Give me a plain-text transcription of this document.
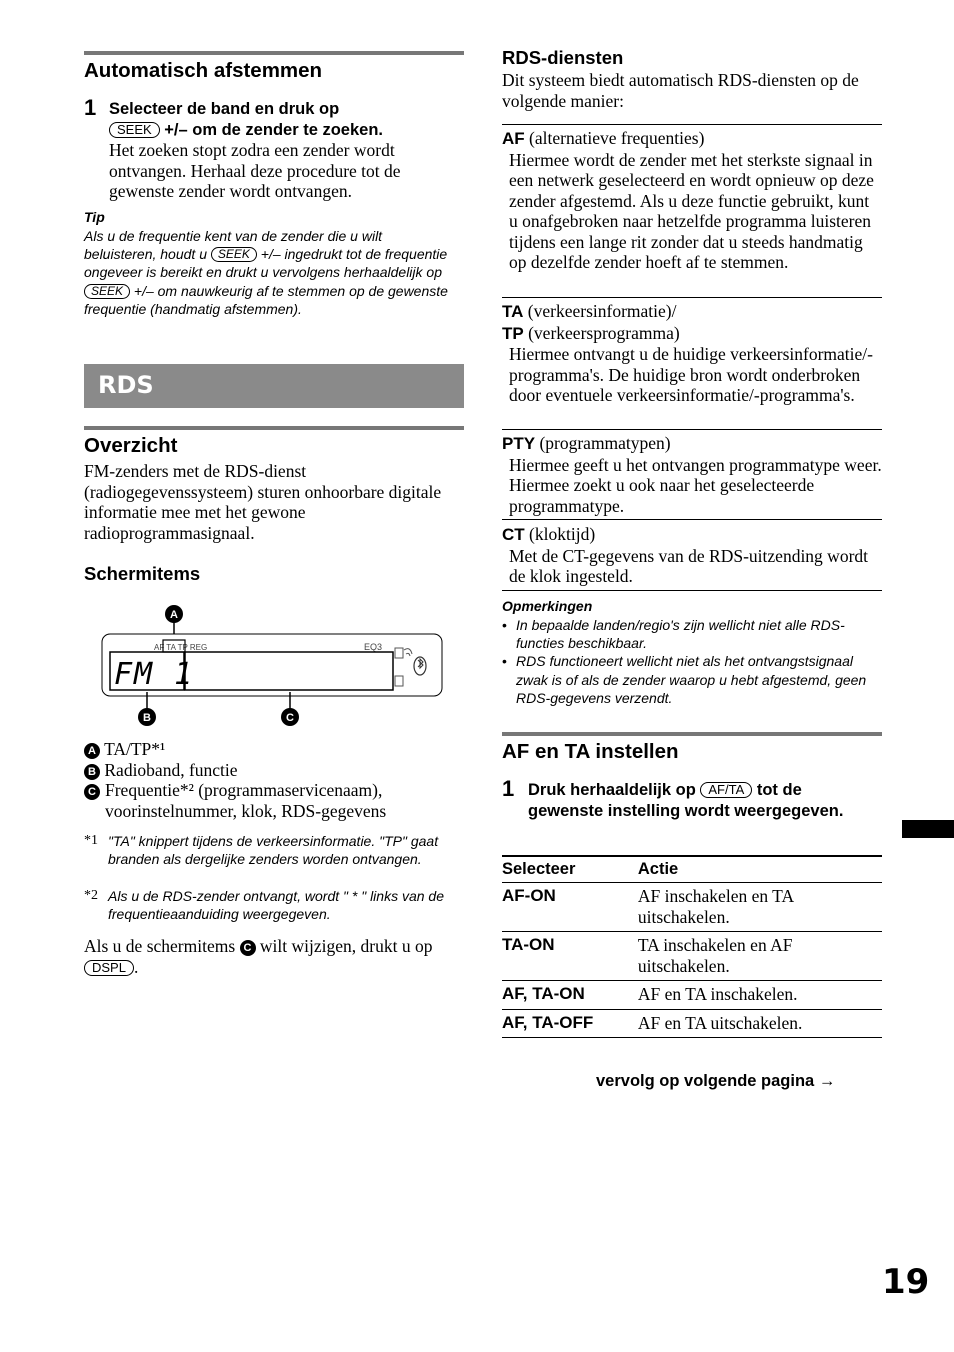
Automatisch afstemmen
1 Selecteer de band en druk op
SEEK +/– om de zender te zoeken.
Het zoeken stopt zodra een zender wordt ontvangen. Herhaal deze procedure tot de gewenste zender wordt ontvangen.
Tip
Als u de frequentie kent van de zender die u wilt beluisteren, houdt u SEEK +/– ingedrukt tot de frequentie ongeveer is bereikt en drukt u vervolgens herhaaldelijk op SEEK +/– om nauwkeurig af te stemmen op de gewenste frequentie (handmatig afstemmen).
RDS
Overzicht
FM-zenders met de RDS-dienst (radiogegevenssysteem) sturen onhoorbare digitale informatie mee met het gewone radioprogrammasignaal.
Schermitems
A
AF TA TP REG	EQ3
FM 1
B	C
A TA/TP*¹
B Radioband, functie
C Frequentie*² (programmaservicenaam), voorinstelnummer, klok, RDS-gegevens
*1 "TA" knippert tijdens de verkeersinformatie. "TP" gaat branden als dergelijke zenders worden ontvangen.
*2 Als u de RDS-zender ontvangt, wordt " * " links van de frequentieaanduiding weergegeven.
Als u de schermitems C wilt wijzigen, drukt u op DSPL .
RDS-diensten
Dit systeem biedt automatisch RDS-diensten op de volgende manier:
AF (alternatieve frequenties)
Hiermee wordt de zender met het sterkste signaal in een netwerk geselecteerd en wordt opnieuw op deze zender afgestemd. Als u deze functie gebruikt, kunt u onafgebroken naar hetzelfde programma luisteren tijdens een lange rit zonder dat u steeds handmatig op dezelfde zender hoeft af te stemmen.
TA (verkeersinformatie)/
TP (verkeersprogramma)
Hiermee ontvangt u de huidige verkeersinformatie/-programma's. De huidige bron wordt onderbroken door eventuele verkeersinformatie/-programma's.
PTY (programmatypen)
Hiermee geeft u het ontvangen programmatype weer. Hiermee zoekt u ook naar het geselecteerde programmatype.
CT (kloktijd)
Met de CT-gegevens van de RDS-uitzending wordt de klok ingesteld.
Opmerkingen
• In bepaalde landen/regio's zijn wellicht niet alle RDS-functies beschikbaar.
• RDS functioneert wellicht niet als het ontvangstsignaal zwak is of als de zender waarop u hebt afgestemd, geen RDS-gegevens verzendt.
AF en TA instellen
1 Druk herhaaldelijk op AF/TA tot de gewenste instelling wordt weergegeven.
Selecteer	Actie
AF-ON	AF inschakelen en TA uitschakelen.
TA-ON	TA inschakelen en AF uitschakelen.
AF, TA-ON	AF en TA inschakelen.
AF, TA-OFF	AF en TA uitschakelen.
vervolg op volgende pagina →
19
